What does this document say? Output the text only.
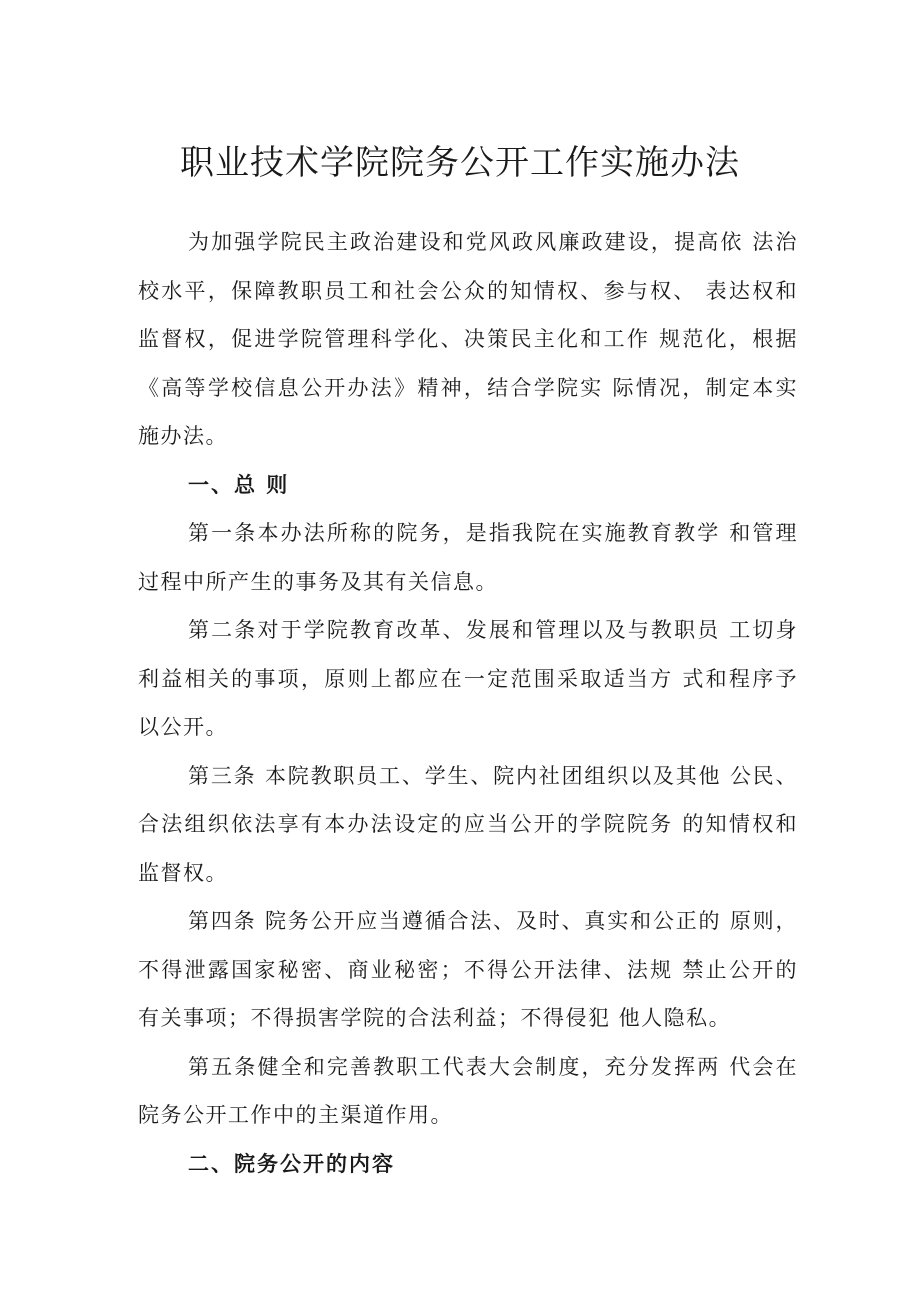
职业技术学院院务公开工作实施办法

为加强学院民主政治建设和党风政风廉政建设，提高依 法治校水平，保障教职员工和社会公众的知情权、参与权、 表达权和监督权，促进学院管理科学化、决策民主化和工作 规范化，根据《高等学校信息公开办法》精神，结合学院实 际情况，制定本实施办法。

一、总 则

第一条本办法所称的院务，是指我院在实施教育教学 和管理过程中所产生的事务及其有关信息。

第二条对于学院教育改革、发展和管理以及与教职员 工切身利益相关的事项，原则上都应在一定范围采取适当方 式和程序予以公开。

第三条 本院教职员工、学生、院内社团组织以及其他 公民、合法组织依法享有本办法设定的应当公开的学院院务 的知情权和监督权。

第四条 院务公开应当遵循合法、及时、真实和公正的 原则，不得泄露国家秘密、商业秘密；不得公开法律、法规 禁止公开的有关事项；不得损害学院的合法利益；不得侵犯 他人隐私。

第五条健全和完善教职工代表大会制度，充分发挥两 代会在院务公开工作中的主渠道作用。

二、院务公开的内容
